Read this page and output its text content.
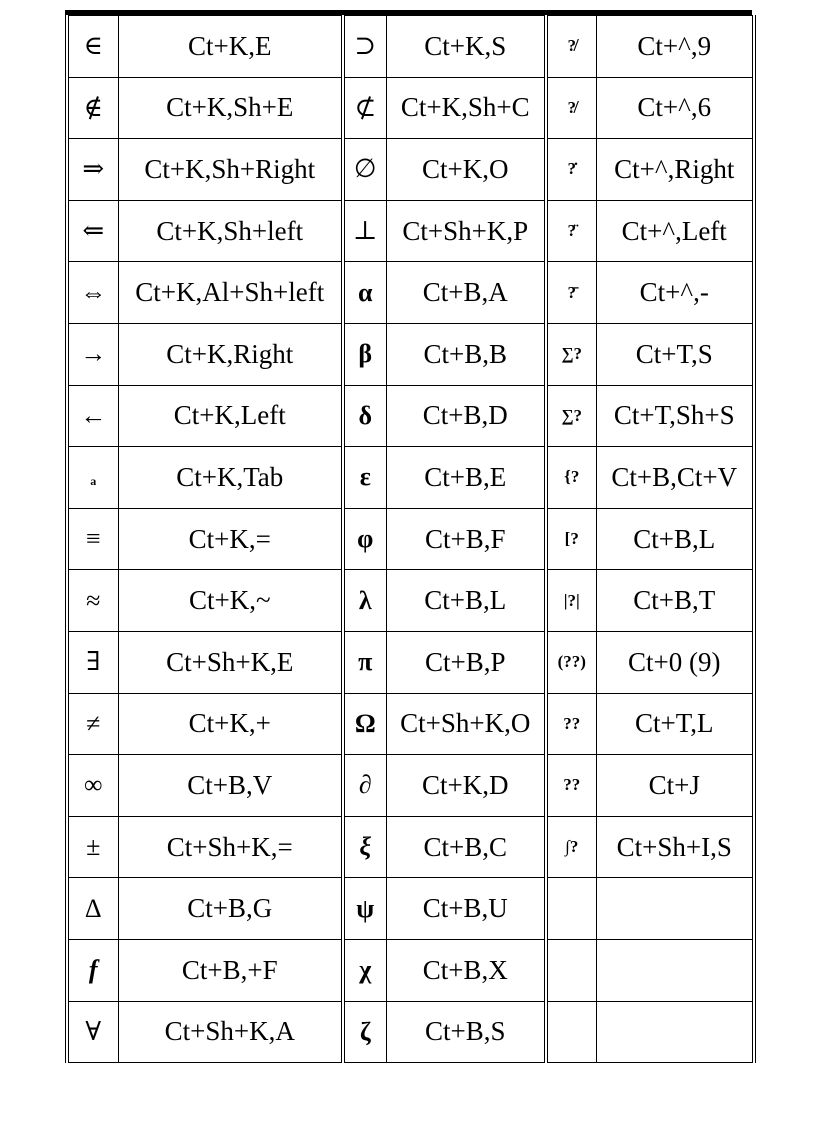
∈	Ct+K,E	⊃	Ct+K,S	?̸	Ct+^,9
∉	Ct+K,Sh+E	⊄	Ct+K,Sh+C	?̸	Ct+^,6
⇒	Ct+K,Sh+Right	∅	Ct+K,O	?̇	Ct+^,Right
⇐	Ct+K,Sh+left	⊥	Ct+Sh+K,P	?̈	Ct+^,Left
⇔	Ct+K,Al+Sh+left	α	Ct+B,A	?̄	Ct+^,-
→	Ct+K,Right	β	Ct+B,B	∑?	Ct+T,S
←	Ct+K,Left	δ	Ct+B,D	∑?	Ct+T,Sh+S
a	Ct+K,Tab	ε	Ct+B,E	{?	Ct+B,Ct+V
≡	Ct+K,=	φ	Ct+B,F	[?	Ct+B,L
≈	Ct+K,~	λ	Ct+B,L	|?|	Ct+B,T
∃	Ct+Sh+K,E	π	Ct+B,P	(??)	Ct+0 (9)
≠	Ct+K,+	Ω	Ct+Sh+K,O	??	Ct+T,L
∞	Ct+B,V	∂	Ct+K,D	??	Ct+J
±	Ct+Sh+K,=	ξ	Ct+B,C	∫?	Ct+Sh+I,S
Δ	Ct+B,G	ψ	Ct+B,U		
f	Ct+B,+F	χ	Ct+B,X		
∀	Ct+Sh+K,A	ζ	Ct+B,S		
